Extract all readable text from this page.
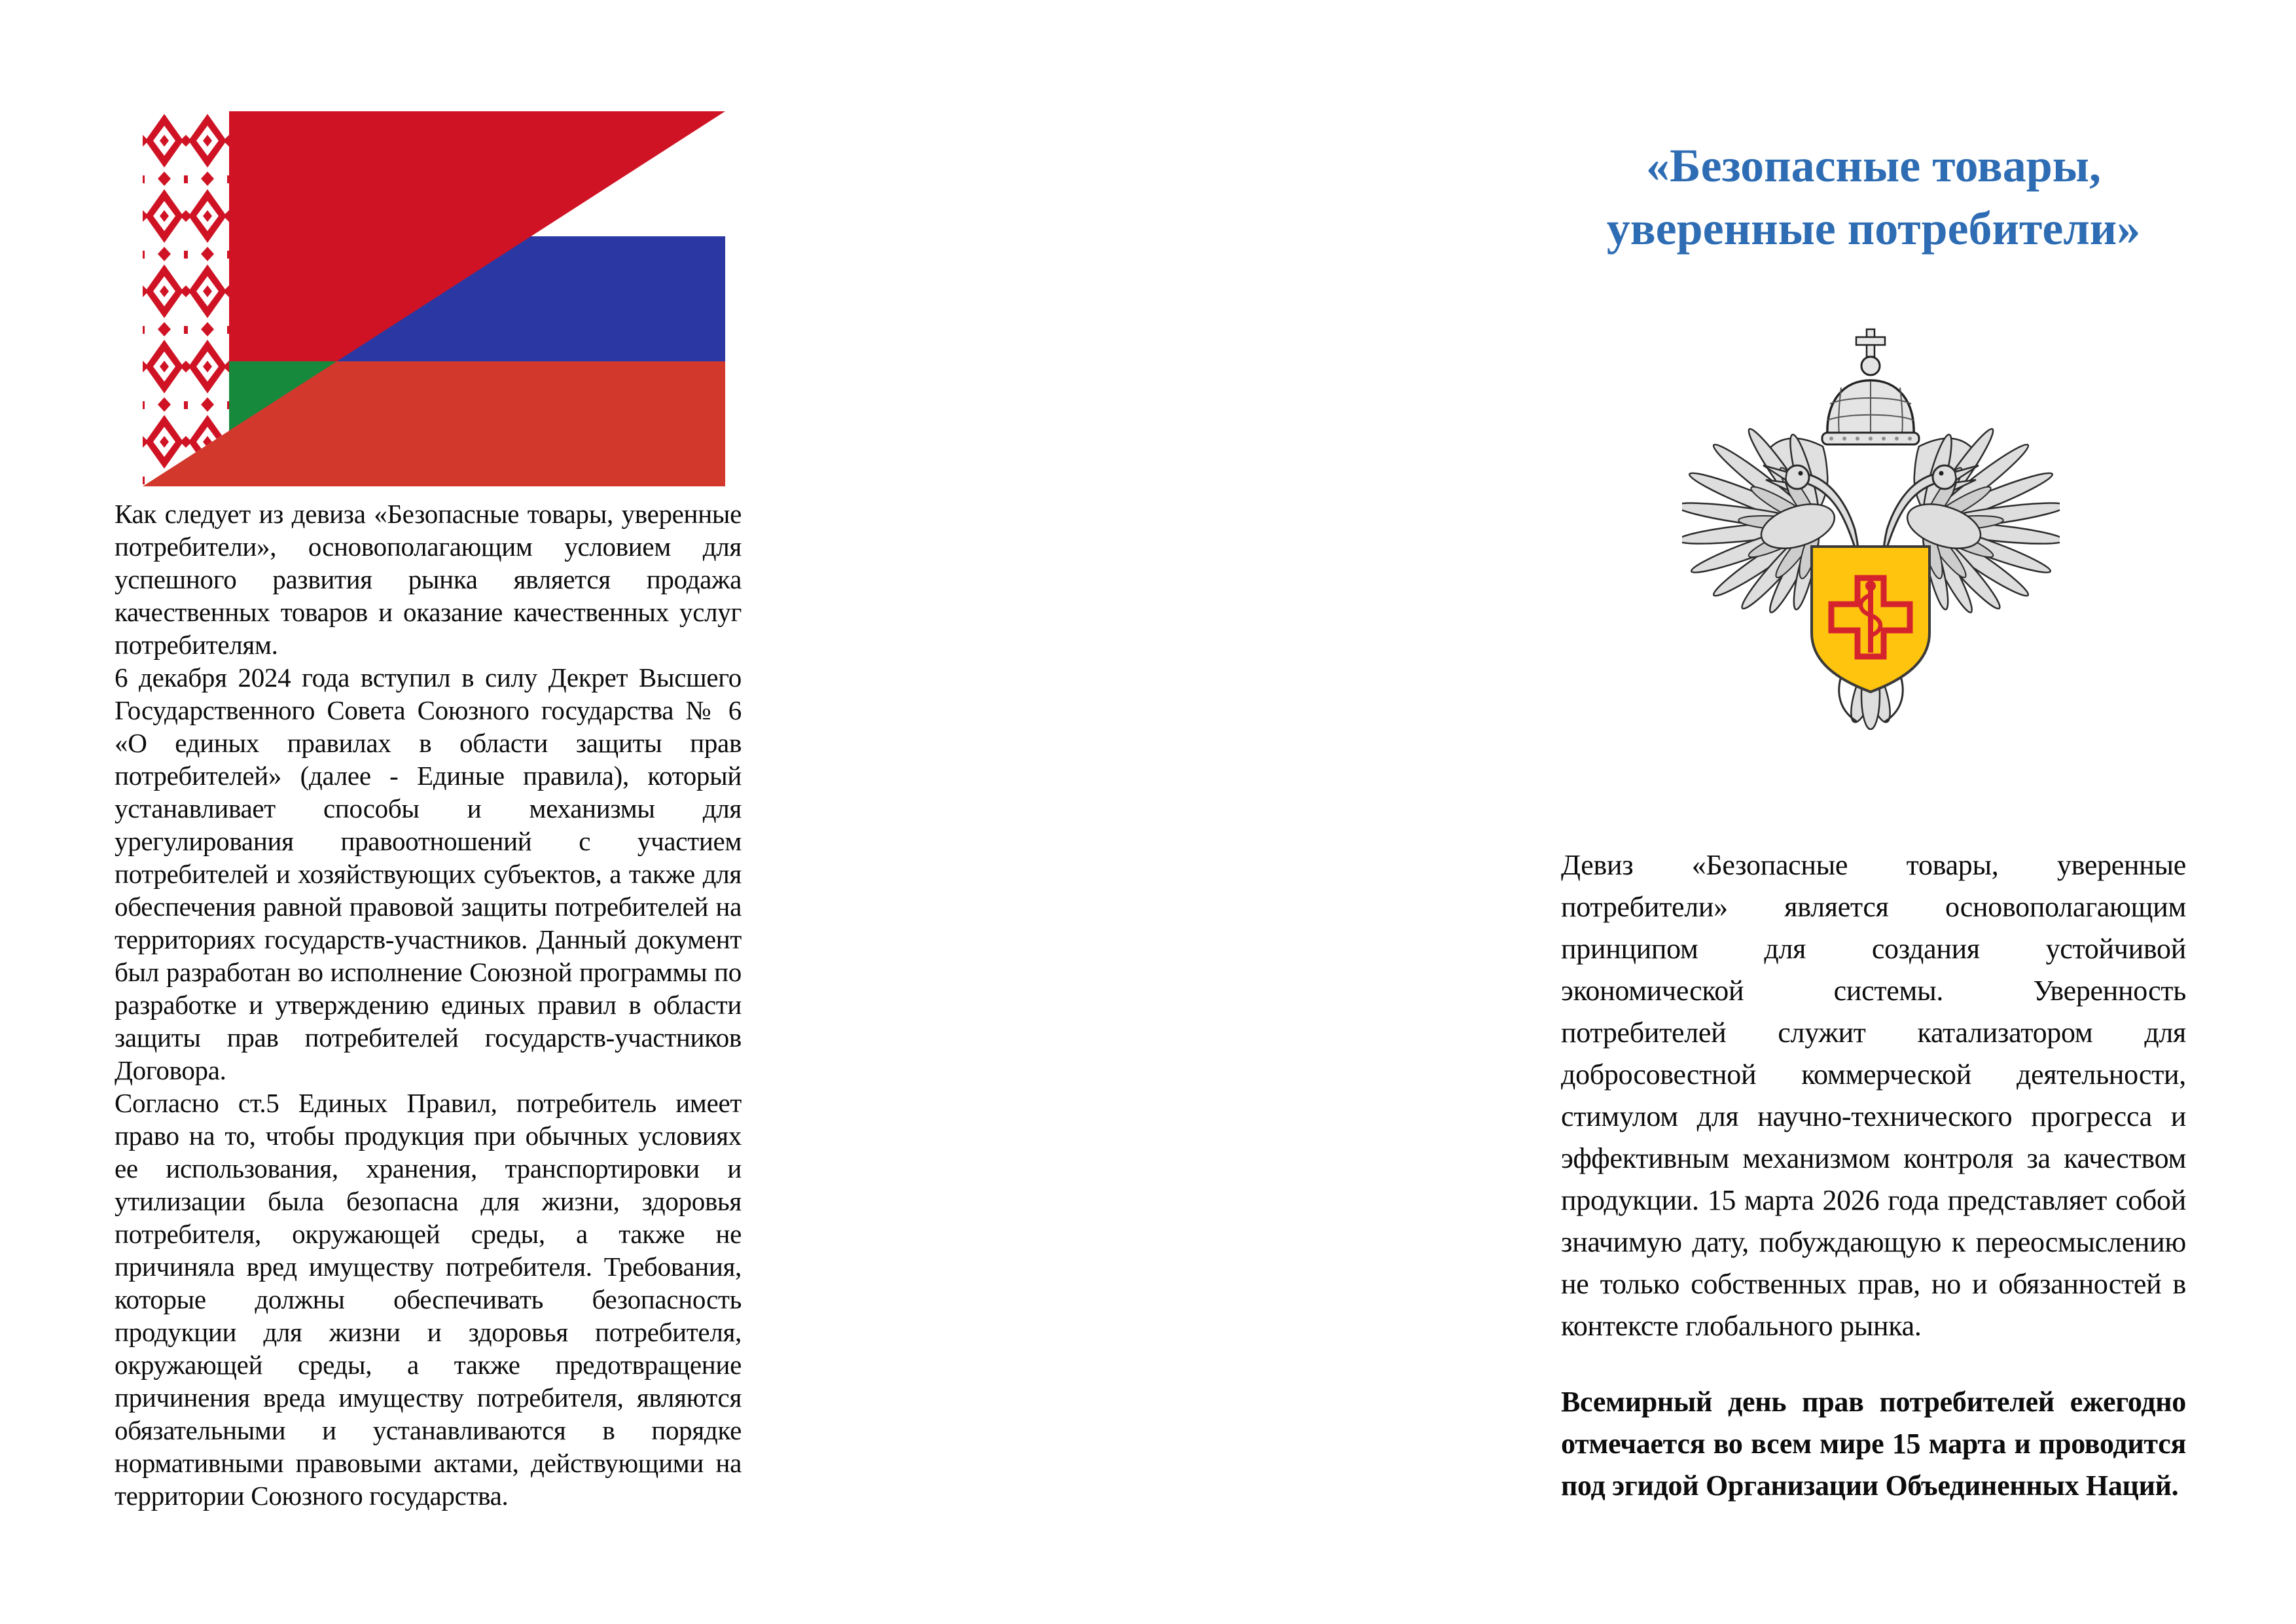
Как следует из девиза «Безопасные товары, уверенные потребители», основополагающим условием для успешного развития рынка является продажа качественных товаров и оказание качественных услуг потребителям.

6 декабря 2024 года вступил в силу Декрет Высшего Государственного Совета Союзного государства № 6 «О единых правилах в области защиты прав потребителей» (далее - Единые правила), который устанавливает способы и механизмы для урегулирования правоотношений с участием потребителей и хозяйствующих субъектов, а также для обеспечения равной правовой защиты потребителей на территориях государств-участников. Данный документ был разработан во исполнение Союзной программы по разработке и утверждению единых правил в области защиты прав потребителей государств-участников Договора.

Согласно ст.5 Единых Правил, потребитель имеет право на то, чтобы продукция при обычных условиях ее использования, хранения, транспортировки и утилизации была безопасна для жизни, здоровья потребителя, окружающей среды, а также не причиняла вред имуществу потребителя. Требования, которые должны обеспечивать безопасность продукции для жизни и здоровья потребителя, окружающей среды, а также предотвращение причинения вреда имуществу потребителя, являются обязательными и устанавливаются в порядке нормативными правовыми актами, действующими на территории Союзного государства.

«Безопасные товары,
уверенные потребители»

Девиз «Безопасные товары, уверенные потребители» является основополагающим принципом для создания устойчивой экономической системы. Уверенность потребителей служит катализатором для добросовестной коммерческой деятельности, стимулом для научно-технического прогресса и эффективным механизмом контроля за качеством продукции. 15 марта 2026 года представляет собой значимую дату, побуждающую к переосмыслению не только собственных прав, но и обязанностей в контексте глобального рынка.

Всемирный день прав потребителей ежегодно отмечается во всем мире 15 марта и проводится под эгидой Организации Объединенных Наций.
